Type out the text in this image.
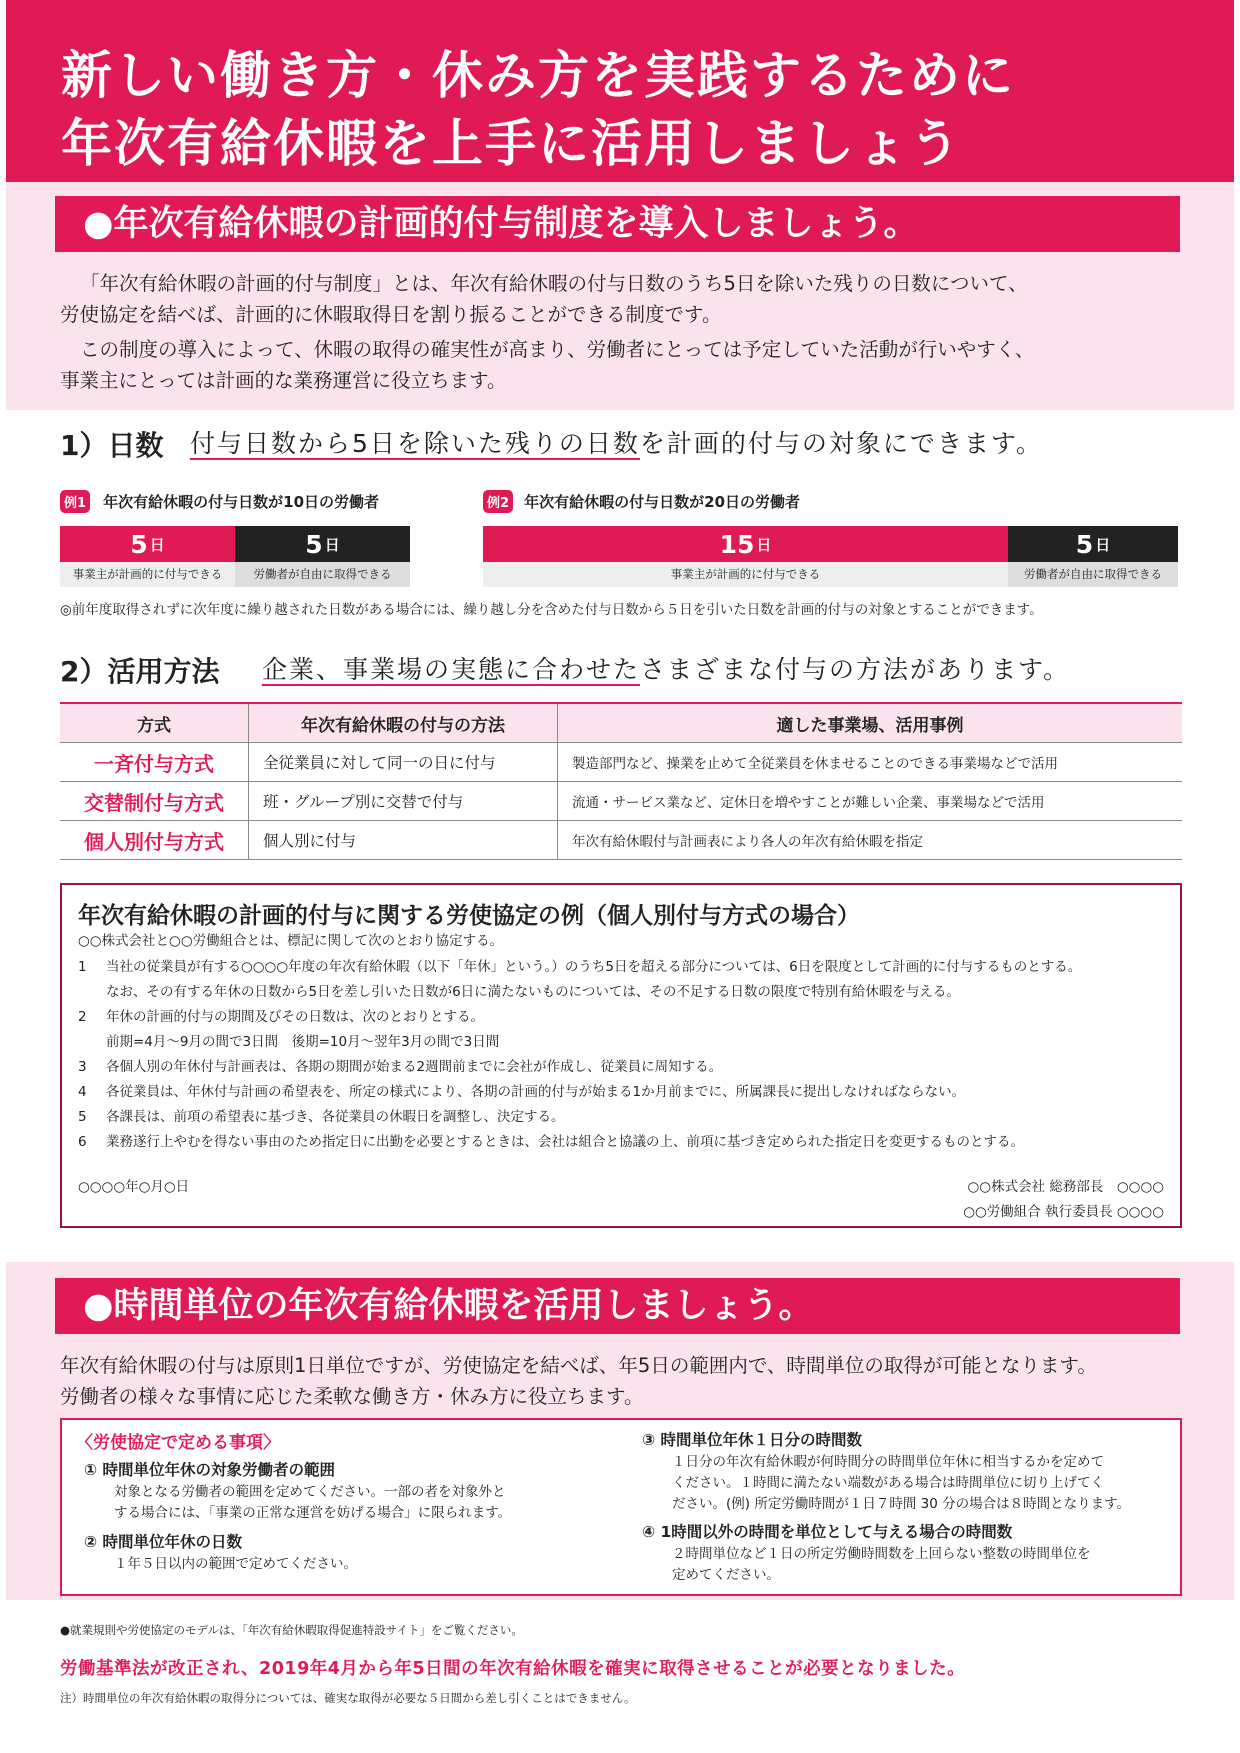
新しい働き方・休み方を実践するために
年次有給休暇を上手に活用しましょう
●年次有給休暇の計画的付与制度を導入しましょう。
「年次有給休暇の計画的付与制度」とは、年次有給休暇の付与日数のうち5日を除いた残りの日数について、
労使協定を結べば、計画的に休暇取得日を割り振ることができる制度です。
この制度の導入によって、休暇の取得の確実性が高まり、労働者にとっては予定していた活動が行いやすく、
事業主にとっては計画的な業務運営に役立ちます。
1）日数 付与日数から5日を除いた残りの日数を計画的付与の対象にできます。
例1 年次有給休暇の付与日数が10日の労働者
5 日	5 日
事業主が計画的に付与できる	労働者が自由に取得できる
例2 年次有給休暇の付与日数が20日の労働者
15 日	5 日
事業主が計画的に付与できる	労働者が自由に取得できる
◎前年度取得されずに次年度に繰り越された日数がある場合には、繰り越し分を含めた付与日数から５日を引いた日数を計画的付与の対象とすることができます。
2）活用方法 企業、事業場の実態に合わせたさまざまな付与の方法があります。
方式	年次有給休暇の付与の方法	適した事業場、活用事例
一斉付与方式	全従業員に対して同一の日に付与	製造部門など、操業を止めて全従業員を休ませることのできる事業場などで活用
交替制付与方式	班・グループ別に交替で付与	流通・サービス業など、定休日を増やすことが難しい企業、事業場などで活用
個人別付与方式	個人別に付与	年次有給休暇付与計画表により各人の年次有給休暇を指定
年次有給休暇の計画的付与に関する労使協定の例（個人別付与方式の場合）
○○株式会社と○○労働組合とは、標記に関して次のとおり協定する。
1 当社の従業員が有する○○○○年度の年次有給休暇（以下「年休」という。）のうち5日を超える部分については、6日を限度として計画的に付与するものとする。
なお、その有する年休の日数から5日を差し引いた日数が6日に満たないものについては、その不足する日数の限度で特別有給休暇を与える。
2 年休の計画的付与の期間及びその日数は、次のとおりとする。
前期=4月～9月の間で3日間　後期=10月～翌年3月の間で3日間
3 各個人別の年休付与計画表は、各期の期間が始まる2週間前までに会社が作成し、従業員に周知する。
4 各従業員は、年休付与計画の希望表を、所定の様式により、各期の計画的付与が始まる1か月前までに、所属課長に提出しなければならない。
5 各課長は、前項の希望表に基づき、各従業員の休暇日を調整し、決定する。
6 業務遂行上やむを得ない事由のため指定日に出勤を必要とするときは、会社は組合と協議の上、前項に基づき定められた指定日を変更するものとする。
○○○○年○月○日	○○株式会社 総務部長　○○○○
○○労働組合 執行委員長 ○○○○
●時間単位の年次有給休暇を活用しましょう。
年次有給休暇の付与は原則1日単位ですが、労使協定を結べば、年5日の範囲内で、時間単位の取得が可能となります。
労働者の様々な事情に応じた柔軟な働き方・休み方に役立ちます。
〈労使協定で定める事項〉
① 時間単位年休の対象労働者の範囲
対象となる労働者の範囲を定めてください。一部の者を対象外と
する場合には、「事業の正常な運営を妨げる場合」に限られます。
② 時間単位年休の日数
１年５日以内の範囲で定めてください。
③ 時間単位年休１日分の時間数
１日分の年次有給休暇が何時間分の時間単位年休に相当するかを定めて
ください。１時間に満たない端数がある場合は時間単位に切り上げてく
ださい。(例) 所定労働時間が１日７時間 30 分の場合は８時間となります。
④ 1時間以外の時間を単位として与える場合の時間数
２時間単位など１日の所定労働時間数を上回らない整数の時間単位を
定めてください。
●就業規則や労使協定のモデルは、「年次有給休暇取得促進特設サイト」をご覧ください。
労働基準法が改正され、2019年4月から年5日間の年次有給休暇を確実に取得させることが必要となりました。
注）時間単位の年次有給休暇の取得分については、確実な取得が必要な５日間から差し引くことはできません。
